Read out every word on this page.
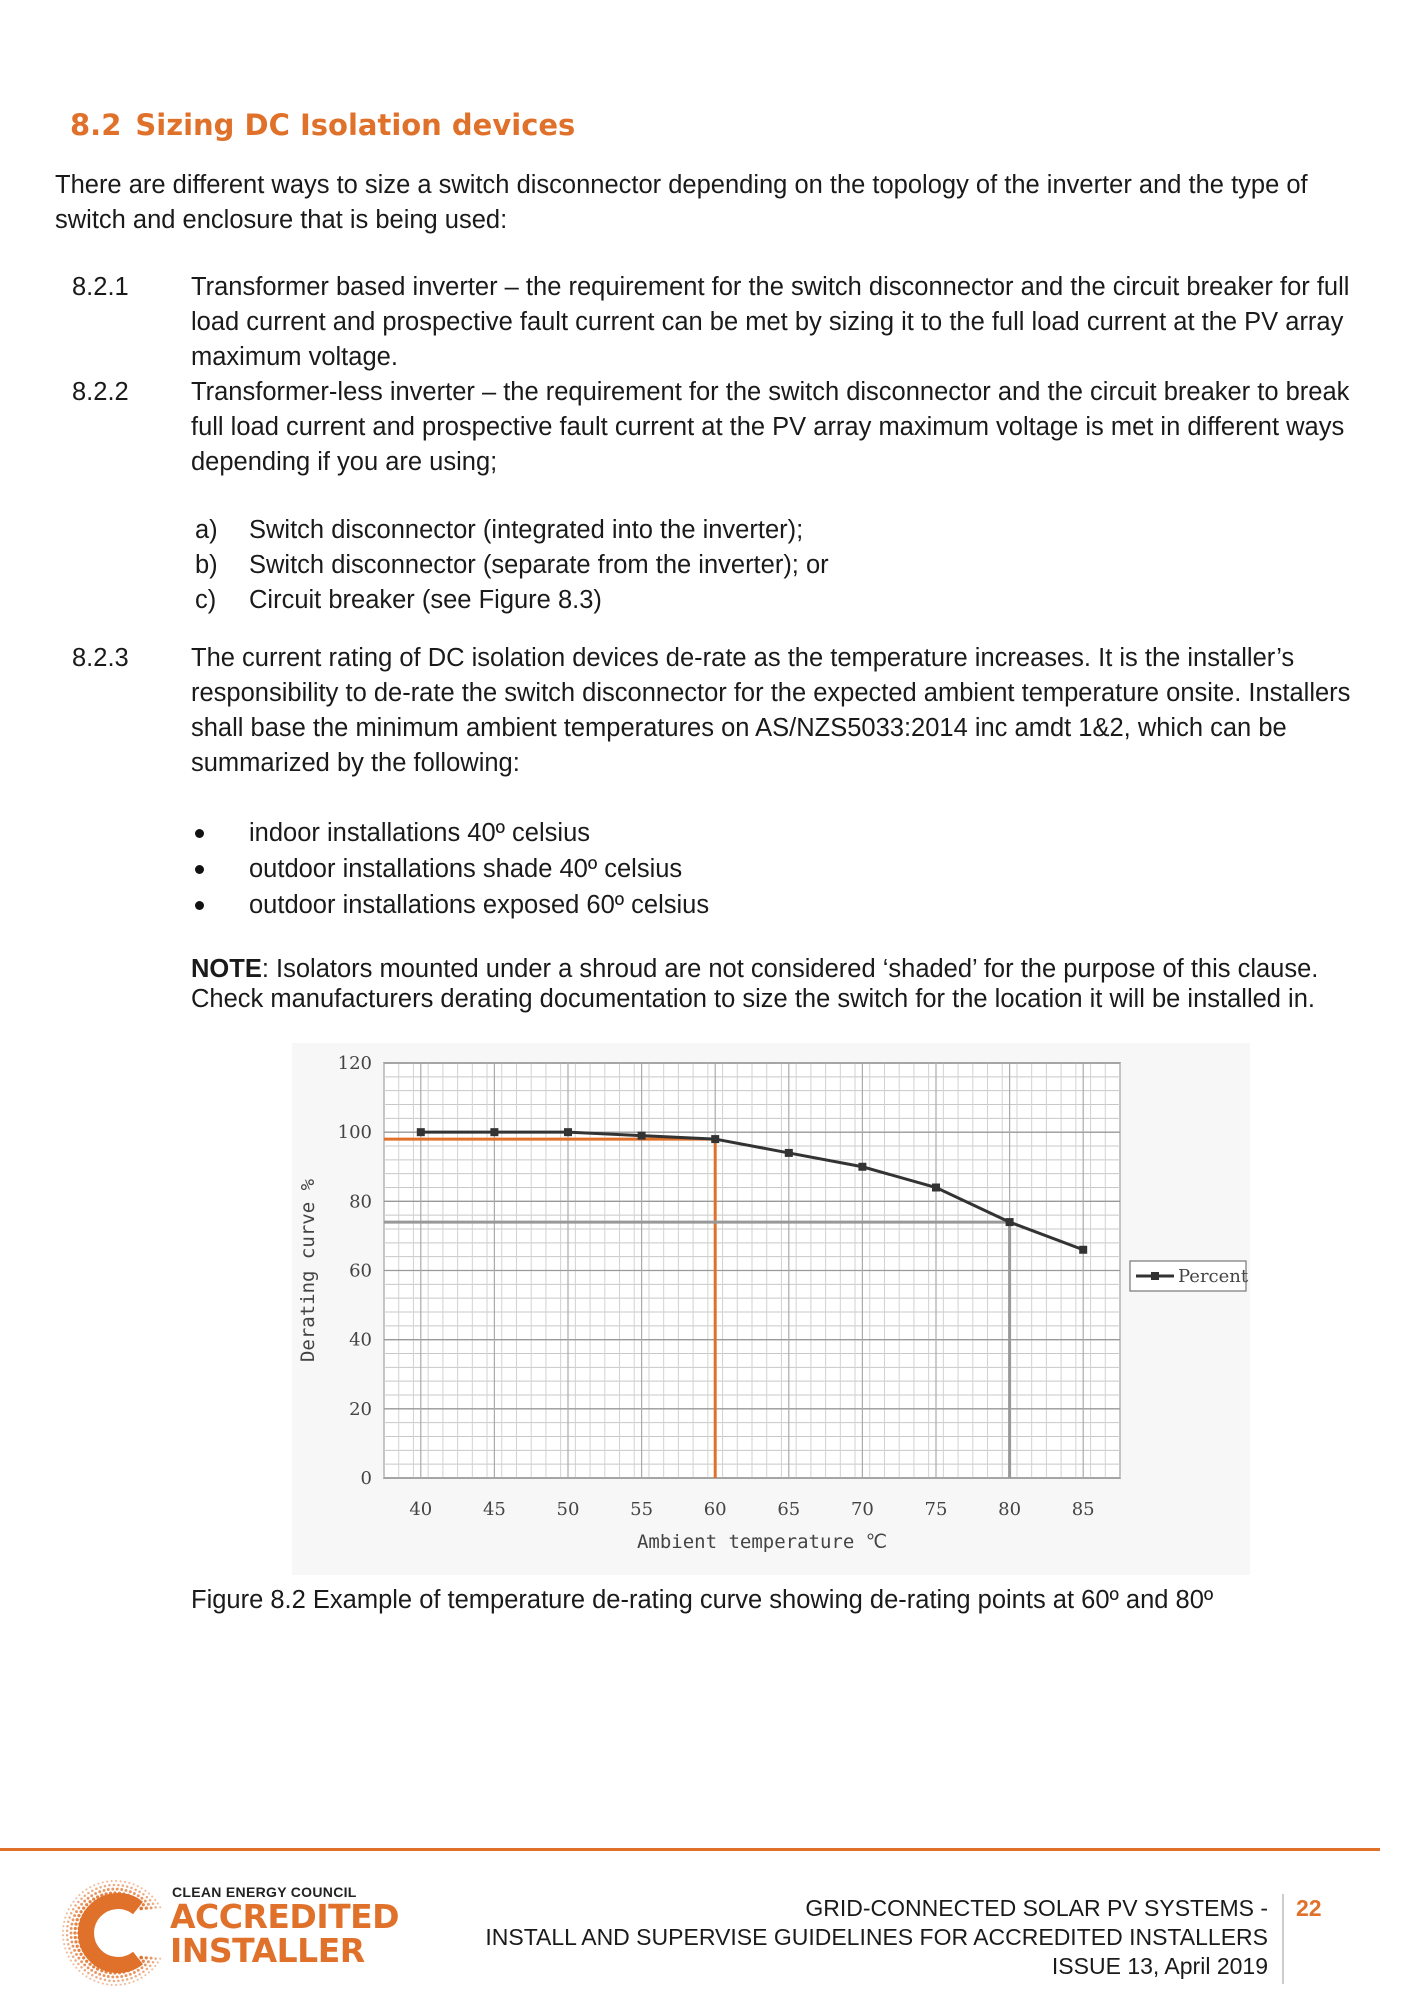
8.2 Sizing DC Isolation devices
There are different ways to size a switch disconnector depending on the topology of the inverter and the type of switch and enclosure that is being used:
8.2.1 Transformer based inverter – the requirement for the switch disconnector and the circuit breaker for full load current and prospective fault current can be met by sizing it to the full load current at the PV array maximum voltage.
8.2.2 Transformer-less inverter – the requirement for the switch disconnector and the circuit breaker to break full load current and prospective fault current at the PV array maximum voltage is met in different ways depending if you are using;
a) Switch disconnector (integrated into the inverter);
b) Switch disconnector (separate from the inverter); or
c) Circuit breaker (see Figure 8.3)
8.2.3 The current rating of DC isolation devices de-rate as the temperature increases. It is the installer’s responsibility to de-rate the switch disconnector for the expected ambient temperature onsite. Installers shall base the minimum ambient temperatures on AS/NZS5033:2014 inc amdt 1&2, which can be summarized by the following:
indoor installations 40º celsius
outdoor installations shade 40º celsius
outdoor installations exposed 60º celsius
NOTE: Isolators mounted under a shroud are not considered ‘shaded’ for the purpose of this clause. Check manufacturers derating documentation to size the switch for the location it will be installed in.
0
20
40
60
80
100
120
40	45	50	55	60	65	70	75	80	85
Ambient temperature ℃
Derating curve %	Percent
Figure 8.2 Example of temperature de-rating curve showing de-rating points at 60º and 80º
CLEAN ENERGY COUNCIL
ACCREDITED
INSTALLER
GRID-CONNECTED SOLAR PV SYSTEMS -
INSTALL AND SUPERVISE GUIDELINES FOR ACCREDITED INSTALLERS
ISSUE 13, April 2019
22
